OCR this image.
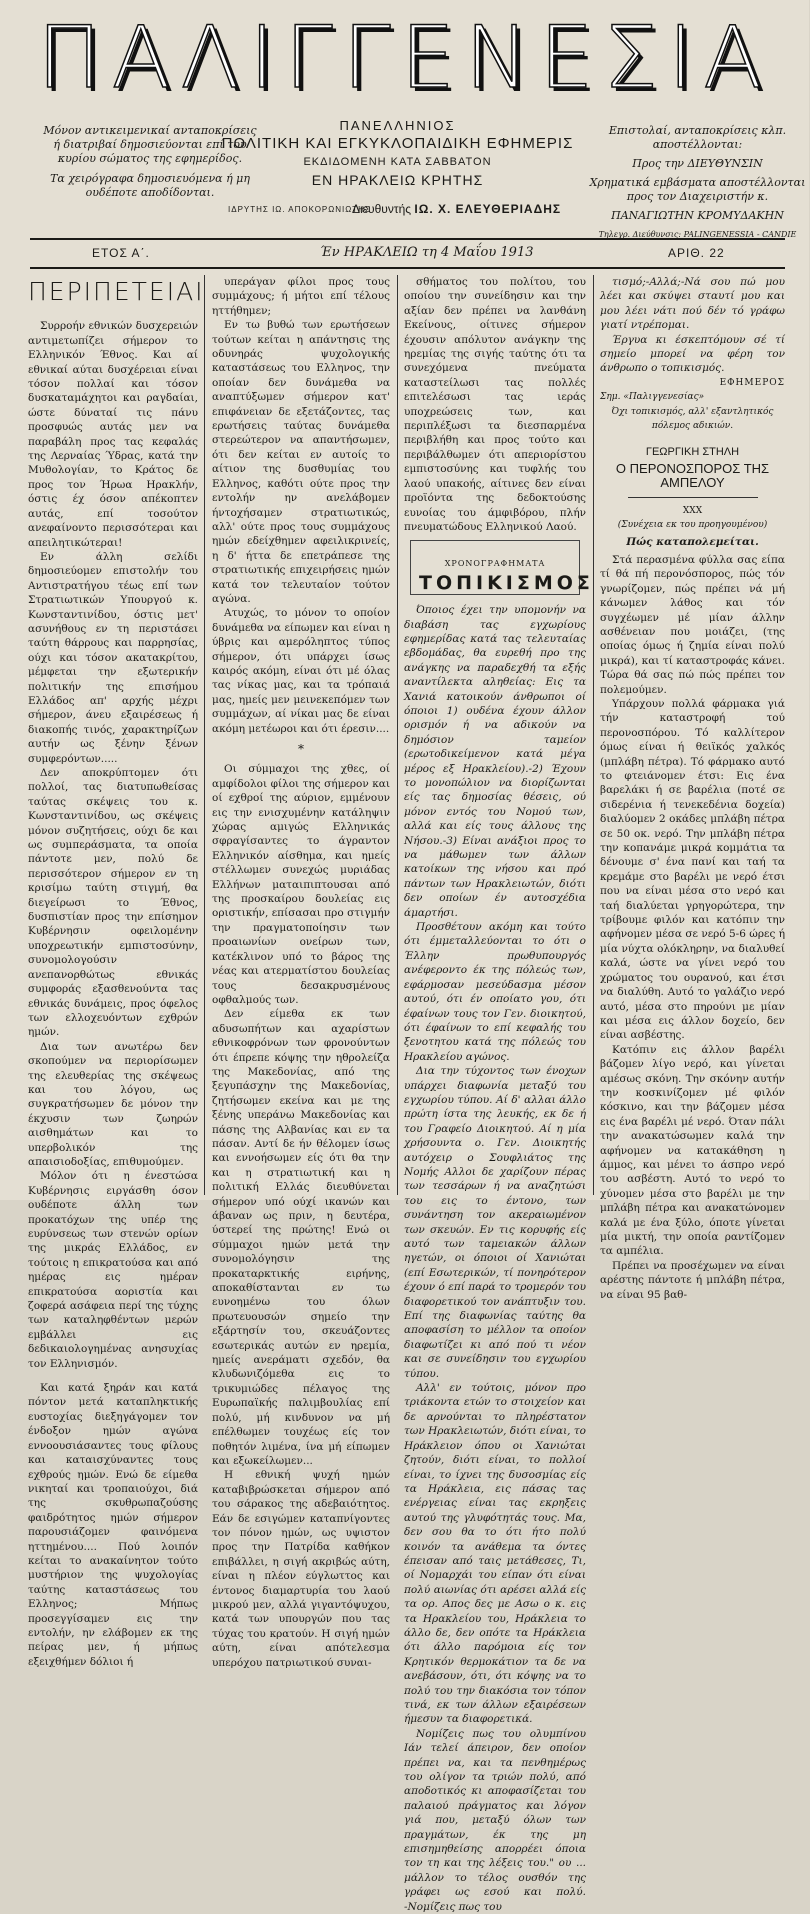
ΠΑΛΙΓΓΕΝΕΣΙΑ

Μόνον αντικειμενικαί ανταποκρίσεις ή διατριβαί δημοσιεύονται επί του κυρίου σώματος της εφημερίδος.

Τα χειρόγραφα δημοσιευόμενα ή μη ουδέποτε αποδίδονται.

ΠΑΝΕΛΛΗΝΙΟΣ
ΠΟΛΙΤΙΚΗ ΚΑΙ ΕΓΚΥΚΛΟΠΑΙΔΙΚΗ ΕΦΗΜΕΡΙΣ
ΕΚΔΙΔΟΜΕΝΗ ΚΑΤΑ ΣΑΒΒΑΤΟΝ
ΕΝ ΗΡΑΚΛΕΙΩ ΚΡΗΤΗΣ

Επιστολαί, ανταποκρίσεις κλπ. αποστέλλονται:

Προς την ΔΙΕΥΘΥΝΣΙΝ

Χρηματικά εμβάσματα αποστέλλονται προς τον Διαχειριστήν κ.

ΠΑΝΑΓΙΩΤΗΝ ΚΡΟΜΥΔΑΚΗΝ

Τηλεγρ. Διεύθυνσις: PALINGENESSIA - CANDIE

ΙΔΡΥΤΗΣ ΙΩ. ΑΠΟΚΟΡΩΝΙΩΤΗΣ
Διευθυντής ΙΩ. Χ. ΕΛΕΥΘΕΡΙΑΔΗΣ
ΕΤΟΣ Α΄.	Έν ΗΡΑΚΛΕΙΩ τη 4 Μαΐου 1913	ΑΡΙΘ. 22
ΠΕΡΙΠΕΤΕΙΑΙ

Συρροήν εθνικών δυσχερειών αντιμετωπίζει σήμερον το Ελληνικόν Έθνος. Και αί εθνικαί αύται δυσχέρειαι είναι τόσον πολλαί και τόσον δυσκαταμάχητοι και ραγδαίαι, ώστε δύναταί τις πάνυ προσφυώς αυτάς μεν να παραβάλη προς τας κεφαλάς της Λερναίας Ύδρας, κατά την Μυθολογίαν, το Κράτος δε προς τον Ήρωα Ηρακλήν, όστις έχ όσον απέκοπτεν αυτάς, επί τοσούτον ανεφαίνοντο περισσότεραι και απειλητικώτεραι!

Εν άλλη σελίδι δημοσιεύομεν επιστολήν του Αντιστρατήγου τέως επί των Στρατιωτικών Υπουργού κ. Κωνσταντινίδου, όστις μετ' ασυνήθους εν τη περιστάσει ταύτη θάρρους και παρρησίας, ούχι και τόσον ακατακρίτου, μέμφεται την εξωτερικήν πολιτικήν της επισήμου Ελλάδος απ' αρχής μέχρι σήμερον, άνευ εξαιρέσεως ή διακοπής τινός, χαρακτηρίζων αυτήν ως ξένην ξένων συμφερόντων.....

Δεν αποκρύπτομεν ότι πολλοί, τας διατυπωθείσας ταύτας σκέψεις του κ. Κωνσταντινίδου, ως σκέψεις μόνον συζητήσεις, ούχι δε και ως συμπεράσματα, τα οποία πάντοτε μεν, πολύ δε περισσότερον σήμερον εν τη κρισίμω ταύτη στιγμή, θα διεγείρωσι το Έθνος, δυσπιστίαν προς την επίσημον Κυβέρνησιν οφειλομένην υποχρεωτικήν εμπιστοσύνην, συνομολογούσιν ανεπανορθώτως εθνικάς συμφοράς εξασθενούντα τας εθνικάς δυνάμεις, προς όφελος των ελλοχευόντων εχθρών ημών.

Δια των ανωτέρω δεν σκοπούμεν να περιορίσωμεν της ελευθερίας της σκέψεως και του λόγου, ως συγκρατήσωμεν δε μόνον την έκχυσιν των ζωηρών αισθημάτων και το υπερβολικόν της απαισιοδοξίας, επιθυμούμεν.

Μόλον ότι η ένεστώσα Κυβέρνησις ειργάσθη όσον ουδέποτε άλλη των προκατόχων της υπέρ της ευρύνσεως των στενών ορίων της μικράς Ελλάδος, εν τούτοις η επικρατούσα και από ημέρας εις ημέραν επικρατούσα αοριστία και ζοφερά ασάφεια περί της τύχης των καταληφθέντων μερών εμβάλλει εις δεδικαιολογημένας ανησυχίας τον Ελληνισμόν.

Και κατά ξηράν και κατά πόντον μετά καταπληκτικής ευστοχίας διεξηγάγομεν τον ένδοξον ημών αγώνα εννοουσιάσαντες τους φίλους και καταισχύναντες τους εχθρούς ημών. Ενώ δε είμεθα νικηταί και τροπαιούχοι, διά της σκυθρωπαζούσης φαιδρότητος ημών σήμερον παρουσιάζομεν φαινόμενα ηττημένου.... Πού λοιπόν κείται το ανακαίνητον τούτο μυστήριον της ψυχολογίας ταύτης καταστάσεως του Ελληνος; Μήπως προσεγγίσαμεν εις την εντολήν, ην ελάβομεν εκ της πείρας μεν, ή μήπως εξειχθήμεν δόλιοι ή

υπεράγαν φίλοι προς τους συμμάχους; ή μήτοι επί τέλους ηττήθημεν;

Εν τω βυθώ των ερωτήσεων τούτων κείται η απάντησις της οδυνηράς ψυχολογικής καταστάσεως του Ελληνος, την οποίαν δεν δυνάμεθα να αναπτύξωμεν σήμερον κατ' επιφάνειαν δε εξετάζοντες, τας ερωτήσεις ταύτας δυνάμεθα στερεώτερον να απαντήσωμεν, ότι δεν κείται εν αυτοίς το αίτιον της δυσθυμίας του Ελληνος, καθότι ούτε προς την εντολήν ην ανελάβομεν ήντοχήσαμεν στρατιωτικώς, αλλ' ούτε προς τους συμμάχους ημών εδείχθημεν αφειλικρινείς, η δ' ήττα δε επετράπεσε της στρατιωτικής επιχειρήσεις ημών κατά τον τελευταίον τούτον αγώνα.

Ατυχώς, το μόνον το οποίον δυνάμεθα να είπωμεν και είναι η ύβρις και αμερόληπτος τύπος σήμερον, ότι υπάρχει ίσως καιρός ακόμη, είναι ότι μέ όλας τας νίκας μας, και τα τρόπαιά μας, ημείς μεν μεινεκεπόμεν των συμμάχων, αί νίκαι μας δε είναι ακόμη μετέωροι και ότι έρεσιν....

*

Οι σύμμαχοι της χθες, οί αμφίδολοι φίλοι της σήμερον και οί εχθροί της αύριον, εμμένουν εις την ενισχυμένην κατάληψιν χώρας αμιγώς Ελληνικάς σφραγίσαντες το άγραντον Ελληνικόν αίσθημα, και ημείς στέλλωμεν συνεχώς μυριάδας Ελλήνων ματαιπιπτουσαι από της προσκαίρου δουλείας εις οριστικήν, επίσασαι προ στιγμήν την πραγματοποίησιν των προαιωνίων ονείρων των, κατέκλινον υπό το βάρος της νέας και ατερματίστου δουλείας τους δεσακρυσμένους οφθαλμούς των.

Δεν είμεθα εκ των αδυσωπήτων και αχαρίστων εθνικοφρόνων των φρονούντων ότι έπρεπε κόψης την ηθρολείζα της Μακεδονίας, από της ξεγυπάσχην της Μακεδονίας, ζητήσωμεν εκείνα και με της ξένης υπεράνω Μακεδονίας και πάσης της Αλβανίας και εν τα πάσαν. Αντί δε ήν θέλομεν ίσως και εννοήσωμεν είς ότι θα την και η στρατιωτική και η πολιτική Ελλάς διευθύνεται σήμερον υπό ούχί ικανών και άβαναν ως πριν, η δευτέρα, ύστερεί της πρώτης! Ενώ οι σύμμαχοι ημών μετά την συνομολόγησιν της προκαταρκτικής ειρήνης, αποκαθίστανται εν τω ευνοημένω του όλων πρωτευουσών σημείο την εξάρτησίν του, σκευάζοντες εσωτερικάς αυτών εν ηρεμία, ημείς ανεράματι σχεδόν, θα κλυδωνιζόμεθα εις το τρικυμιώδες πέλαγος της Ευρωπαϊκής παλιμβουλίας επί πολύ, μή κινδυνον να μή επέλθωμεν τουχέως είς τον ποθητόν λιμένα, ίνα μή είπωμεν και εξωκείλωμεν...

Η εθνική ψυχή ημών καταβιβρώσκεται σήμερον από του σάρακος της αδεβαιότητος. Εάν δε εσιγώμεν καταπνίγοντες τον πόνον ημών, ως υψιστον προς την Πατρίδα καθήκον επιβάλλει, η σιγή ακριβώς αύτη, είναι η πλέον εύγλωττος και έντονος διαμαρτυρία του λαού μικρού μεν, αλλά γιγαντόψυχου, κατά των υπουργών που τας τύχας του κρατούν. Η σιγή ημών αύτη, είναι απότελεσμα υπερόχου πατριωτικού συναι-

σθήματος του πολίτου, του οποίου την συνείδησιν και την αξίαν δεν πρέπει να λανθάνη Εκείνους, οίτινες σήμερον έχουσιν απόλυτον ανάγκην της ηρεμίας της σιγής ταύτης ότι τα συνεχόμενα πνεύματα καταστείλωσι τας πολλές επιτελέσωσι τας ιεράς υποχρεώσεις των, και περιπλέξωσι τα διεσπαρμένα περιβλήθη και προς τούτο και περιβάλθωμεν ότι απεριορίστου εμπιστοσύνης και τυφλής του λαού υπακοής, αίτινες δεν είναι προϊόντα της δεδοκτούσης ευνοίας του άμφιβόρου, πλήν πνευματώδους Ελληνικού Λαού.

ΧΡΟΝΟΓΡΑΦΗΜΑΤΑ
ΤΟΠΙΚΙΣΜΟΣ

Όποιος έχει την υπομονήν να διαβάση τας εγχωρίους εφημερίδας κατά τας τελευταίας εβδομάδας, θα ευρεθή προ της ανάγκης να παραδεχθή τα εξής αναντίλεκτα αληθείας: Εις τα Χανιά κατοικούν άνθρωποι οί όποιοι 1) ουδένα έχουν άλλον ορισμόν ή να αδικούν να δημόσιον ταμείον (ερωτοδικείμενον κατά μέγα μέρος εξ Ηρακλείου).-2) Έχουν το μονοπώλιον να διορίζωνται είς τας δημοσίας θέσεις, ού μόνον εντός του Νομού των, αλλά και είς τους άλλους της Νήσου.-3) Είναι ανάξιοι προς το να μάθωμεν των άλλων κατοίκων της νήσου και πρό πάντων των Ηρακλειωτών, διότι δεν οποίων έν αυτοσχέδια άμαρτήσι.

Προσθέτουν ακόμη και τούτο ότι έμμεταλλεύονται το ότι ο Έλλην πρωθυπουργός ανέφεροντο έκ της πόλεώς των, εφάρμοσαν μεσεύδασμα μέσον αυτού, ότι έν οποίατο γου, ότι έφαίνων τους τον Γεν. διοικητού, ότι έφαίνων το επί κεφαλής του ξενοτητου κατά της πόλεώς του Ηρακλείου αγώνος.

Δια την τύχοντος των ένοχων υπάρχει διαφωνία μεταξύ του εγχωρίου τύπου. Αί δ' αλλαι άλλο πρώτη ίστα της λευκής, εκ δε ή του Γραφείο Διοικητού. Αί η μία χρήσουντα ο. Γεν. Διοικητής αυτόχειρ ο Σουφλιάτος της Νομής Αλλοι δε χαρίζουν πέρας των τεσσάρων ή να αναζητώσι του εις το έντονο, των συνάντηση τον ακεραιωμένον των σκευών. Εν τις κορυφής είς αυτό των ταμειακών άλλων ηγετών, οι όποιοι οί Χανιώται (επί Εσωτερικών, τί πονηρότερον έχουν ό επί παρά το τρομερόν του διαφορετικού τον ανάπτυξιν του. Επί της διαφωνίας ταύτης θα αποφασίση το μέλλον τα οποίον διαφωτίζει κι από πού τι νέον και σε συνείδησιν του εγχωρίου τύπου.

Αλλ' εν τούτοις, μόνον προ τριάκοντα ετών το στοιχείον και δε αρνούνται το πληρέστατον των Ηρακλειωτών, διότι είναι, το Ηράκλειον όπου οι Χανιώται ζητούν, διότι είναι, το πολλοί είναι, το ίχνει της δυσοσμίας είς τα Ηράκλεια, εις πάσας τας ενέργειας είναι τας εκρηξεις αυτού της γλυφότητάς τους. Μα, δεν σου θα το ότι ήτο πολύ κοινόν τα ανάθεμα τα όντες έπεισαν από ταις μετάθεσες, Τι, οί Νομαρχάι του είπαν ότι είναι πολύ αιωνίας ότι αρέσει αλλά είς τα ορ. Απος δες με Ασω ο κ. εις τα Ηρακλείου του, Ηράκλεια το άλλο δε, δεν οπότε τα Ηράκλεια ότι άλλο παρόμοια είς τον Κρητικόν θερμοκάτιον τα δε να ανεβάσουν, ότι, ότι κόψης να το πολύ του την διακόσια τον τόπον τινά, εκ των άλλων εξαιρέσεων ήμεσυν τα διαφορετικά.

Νομίζεις πως του ολυμπίνου Ιάν τελεί άπειρον, δεν οποίον πρέπει να, και τα πενθημέρως του ολίγον τα τριών πολύ, από αποδοτικός κι αποφασίζεται του παλαιού πράγματος και λόγον γιά που, μεταξύ όλων των πραγμάτων, έκ της μη επισημηθείσης απορρέει όποια τον τη και της λέξεις του." ου ... μάλλον το τέλος ουσθόν της γράφει ως εσού και πολύ. -Νομίζεις πως του

τισμό;-Αλλά;-Νά σου πώ μου λέει και σκύψει σταυτί μου και μου λέει νάτι πού δέν τό γράφω γιατί ντρέπομαι.

Έργυα κι έσκεπτόμουν σέ τί σημείο μπορεί να φέρη τον άνθρωπο ο τοπικισμός.

ΕΦΗΜΕΡΟΣ
Σημ. «Παλιγγενεσίας»
Όχι τοπικισμός, αλλ' εξαντλητικός πόλεμος αδικιών.
ΓΕΩΡΓΙΚΗ ΣΤΗΛΗ
Ο ΠΕΡΟΝΟΣΠΟΡΟΣ ΤΗΣ ΑΜΠΕΛΟΥ
ΧΧΧ
(Συνέχεια εκ του προηγουμένου)
Πώς καταπολεμείται.

Στά περασμένα φύλλα σας είπα τί θά πή περονόσπορος, πώς τόν γνωρίζομεν, πώς πρέπει νά μή κάνωμεν λάθος και τόν συγχέωμεν μέ μίαν άλλην ασθένειαν που μοιάζει, (της οποίας όμως ή ζημία είναι πολύ μικρά), και τί καταστροφάς κάνει. Τώρα θά σας πώ πώς πρέπει τον πολεμούμεν.

Υπάρχουν πολλά φάρμακα γιά τήν καταστροφή τού περονοσπόρου. Τό καλλίτερον όμως είναι ή θειϊκός χαλκός (μπλάβη πέτρα). Τό φάρμακο αυτό το φτειάνομεν έτσι: Εις ένα βαρελάκι ή σε βαρέλια (ποτέ σε σιδερένια ή τενεκεδένια δοχεία) διαλύομεν 2 οκάδες μπλάβη πέτρα σε 50 οκ. νερό. Την μπλάβη πέτρα την κοπανάμε μικρά κομμάτια τα δένουμε σ' ένα πανί και ταή τα κρεμάμε στο βαρέλι με νερό έτσι που να είναι μέσα στο νερό και ταή διαλύεται γρηγορώτερα, την τρίβουμε φιλόν και κατόπιν την αφήνομεν μέσα σε νερό 5-6 ώρες ή μία νύχτα ολόκληρην, να διαλυθεί καλά, ώστε να γίνει νερό του χρώματος του ουρανού, και έτσι να διαλύθη. Αυτό το γαλάζιο νερό αυτό, μέσα στο πηρούνι με μίαν και μέσα εις άλλον δοχείο, δεν είναι ασβέστης.

Κατόπιν εις άλλον βαρέλι βάζομεν λίγο νερό, και γίνεται αμέσως σκόνη. Την σκόνην αυτήν την κοσκινίζομεν μέ φιλόν κόσκινο, και την βάζομεν μέσα εις ένα βαρέλι μέ νερό. Όταν πάλι την ανακατώσωμεν καλά την αφήνομεν να κατακάθηση η άμμος, και μένει το άσπρο νερό του ασβέστη. Αυτό το νερό το χύνομεν μέσα στο βαρέλι με την μπλάβη πέτρα και ανακατώνομεν καλά με ένα ξύλο, όποτε γίνεται μία μικτή, την οποία ραντίζομεν τα αμπέλια.

Πρέπει να προσέχωμεν να είναι αρέστης πάντοτε ή μπλάβη πέτρα, να είναι 95 βαθ-
